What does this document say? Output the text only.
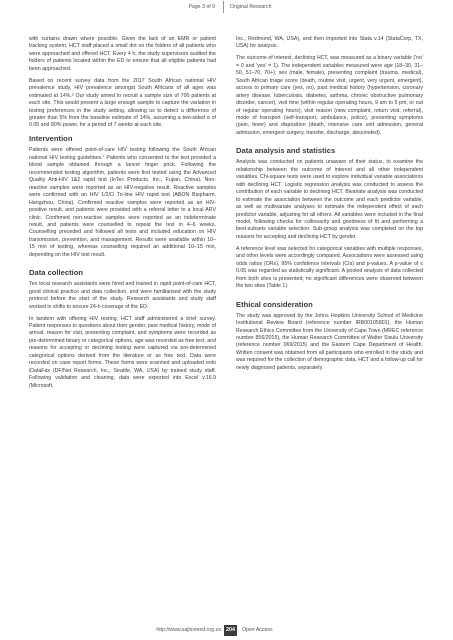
Page 3 of 9	Original Research

with curtains drawn where possible. Given the lack of an EMR or patient tracking system, HCT staff placed a small dot on the folders of all patients who were approached and offered HCT. Every 4 h, the study supervisors audited the folders of patients located within the ED to ensure that all eligible patients had been approached.

Based on recent survey data from the 2017 South African national HIV prevalence study, HIV prevalence amongst South Africans of all ages was estimated at 14%.² Our study aimed to recruit a sample size of 700 patients at each site. This would present a large enough sample to capture the variation in testing preferences in the study setting, allowing us to detect a difference of greater than 5% from the baseline estimate of 14%, assuming a two-sided α of 0.05 and 80% power, for a period of 7 weeks at each site.

Intervention

Patients were offered point-of-care HIV testing following the South African national HIV testing guidelines.⁷ Patients who consented to the test provided a blood sample obtained through a lancet finger prick. Following the recommended testing algorithm, patients were first tested using the Advanced Quality Anti-HIV 1&2 rapid test (InTec Products, Inc., Fujian, China). Non-reactive samples were reported as an HIV-negative result. Reactive samples were confirmed with an HIV 1/2/O Tri-line HIV rapid test (ABON Biopharm, Hangzhou, China). Confirmed reactive samples were reported as an HIV-positive result, and patients were provided with a referral letter to a local ARV clinic. Confirmed non-reactive samples were reported as an indeterminate result, and patients were counselled to repeat the test in 4–6 weeks. Counselling preceded and followed all tests and included education on HIV transmission, prevention, and management. Results were available within 10–15 min of testing, whereas counselling required an additional 10–15 min, depending on the HIV test result.

Data collection

Ten local research assistants were hired and trained in rapid point-of-care HCT, good clinical practice and data collection, and were familiarised with the study protocol before the start of the study. Research assistants and study staff worked in shifts to ensure 24-h coverage of the ED.

In tandem with offering HIV testing, HCT staff administered a brief survey. Patient responses to questions about their gender, past medical history, mode of arrival, reason for visit, presenting complaint, and symptoms were recorded as pre-determined binary or categorical options, age was recorded as free text, and reasons for accepting or declining testing were captured via pre-determined categorical options derived from the literature or as free text. Data were recorded on case report forms. These forms were scanned and uploaded onto iDataFax (DF/Net Research, Inc., Seattle, WA, USA) by trained study staff. Following validation and cleaning, data were exported into Excel v.16.9 (Microsoft,

Inc., Redmond, WA, USA), and then imported into Stata v.14 (StataCorp, TX, USA) for analysis.

The outcome of interest, declining HCT, was measured as a binary variable ('no' = 0 and 'yes' = 1). The independent variables measured were age (18–30, 31–50, 51–70, 70+), sex (male, female), presenting complaint (trauma, medical), South African triage score (death, routine visit, urgent, very urgent, emergent), access to primary care (yes, no), past medical history (hypertension, coronary artery disease, tuberculosis, diabetes, asthma, chronic obstructive pulmonary disorder, cancer), visit time (within regular operating hours, 9 am to 5 pm, or out of regular operating hours), visit reason (new complaint, return visit, referral), mode of transport (self-transport, ambulance, police), presenting symptoms (pain, fever) and disposition (death, intensive care unit admission, general admission, emergent surgery, transfer, discharge, absconded).

Data analysis and statistics

Analysis was conducted on patients unaware of their status, to examine the relationship between the outcome of interest and all other independent variables. Chi-square tests were used to explore individual variable associations with declining HCT. Logistic regression analysis was conducted to assess the contribution of each variable to declining HCT. Bivariate analysis was conducted to estimate the association between the outcome and each predictor variable, as well as multivariate analyses to estimate the independent effect of each predictor variable, adjusting for all others. All variables were included in the final model, following checks for collinearity and goodness of fit and performing a best-subsets variable selection. Sub-group analysis was completed on the top reasons for accepting and declining HCT by gender.

A reference level was selected for categorical variables with multiple responses, and other levels were accordingly compared. Associations were assessed using odds ratios (ORs), 95% confidence intervals (CIs) and p-values. A p-value of ≤ 0.05 was regarded as statistically significant. A pooled analysis of data collected from both sites is presented; no significant differences were observed between the two sites (Table 1).

Ethical consideration

The study was approved by the Johns Hopkins University School of Medicine Institutional Review Board (reference number IRB00105801), the Human Research Ethics Committee from the University of Cape Town (MREC reference number 856/2015), the Human Research Committee of Walter Sisulu University (reference number 069/2015) and the Eastern Cape Department of Health. Written consent was obtained from all participants who enrolled in the study and was required for the collection of demographic data, HCT and a follow-up call for newly diagnosed patients, separately.

http://www.sajhivmed.org.za 204	Open Access
